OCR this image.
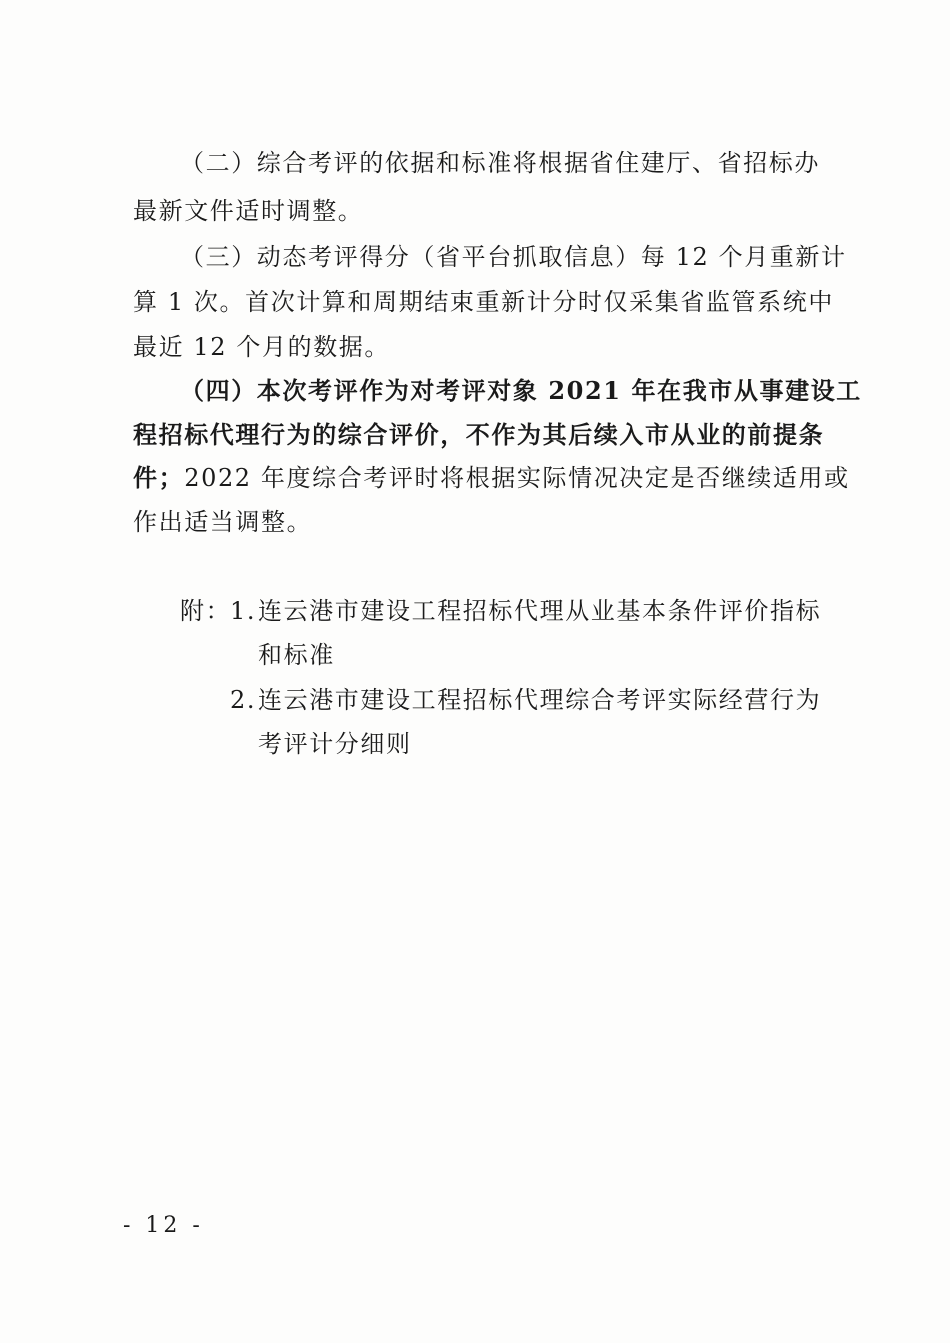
（二）综合考评的依据和标准将根据省住建厅、省招标办
最新文件适时调整。
（三）动态考评得分（省平台抓取信息）每 12 个月重新计
算 1 次。首次计算和周期结束重新计分时仅采集省监管系统中
最近 12 个月的数据。
（四）本次考评作为对考评对象 2021 年在我市从事建设工
程招标代理行为的综合评价，不作为其后续入市从业的前提条
件；2022 年度综合考评时将根据实际情况决定是否继续适用或
作出适当调整。
附：
1. 连云港市建设工程招标代理从业基本条件评价指标
和标准
2. 连云港市建设工程招标代理综合考评实际经营行为
考评计分细则
- 12 -
